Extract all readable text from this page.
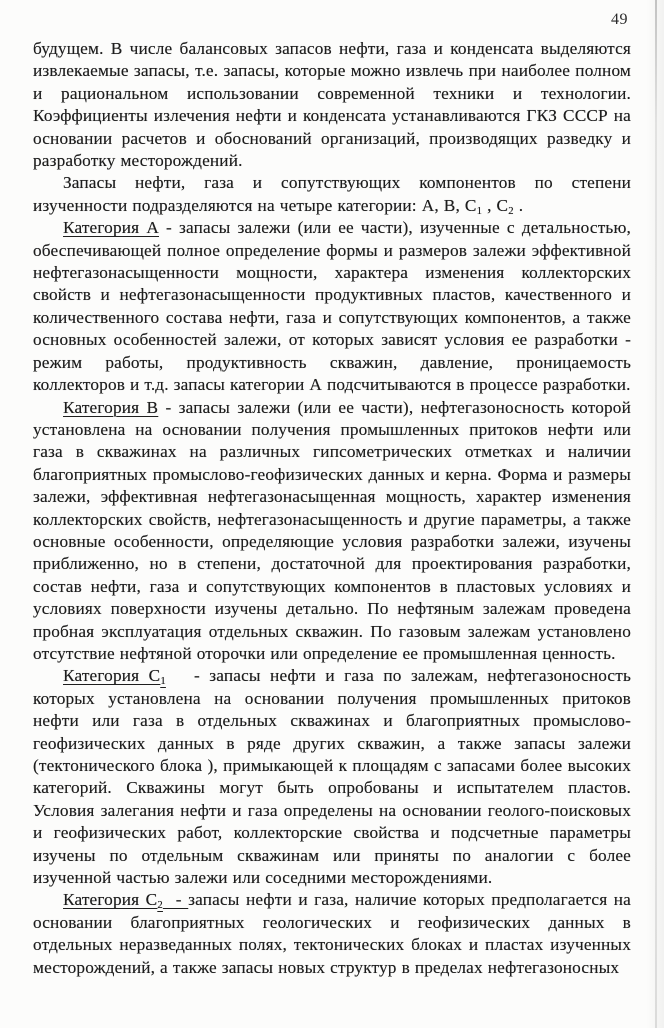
49

будущем. В числе балансовых запасов нефти, газа и конденсата выделяются извлекаемые запасы, т.е. запасы, которые можно извлечь при наиболее полном и рациональном использовании современной техники и технологии. Коэффициенты излечения нефти и конденсата устанавливаются ГКЗ СССР на основании расчетов и обоснований организаций, производящих разведку и разработку месторождений.

Запасы нефти, газа и сопутствующих компонентов по степени изученности подразделяются на четыре категории: А, В, $С_1$ , $С_2$ .

Категория А - запасы залежи (или ее части), изученные с детальностью, обеспечивающей полное определение формы и размеров залежи эффективной нефтегазонасыщенности мощности, характера изменения коллекторских свойств и нефтегазонасыщенности продуктивных пластов, качественного и количественного состава нефти, газа и сопутствующих компонентов, а также основных особенностей залежи, от которых зависят условия ее разработки - режим работы, продуктивность скважин, давление, проницаемость коллекторов и т.д. запасы категории А подсчитываются в процессе разработки.

Категория В - запасы залежи (или ее части), нефтегазоносность которой установлена на основании получения промышленных притоков нефти или газа в скважинах на различных гипсометрических отметках и наличии благоприятных промыслово-геофизических данных и керна. Форма и размеры залежи, эффективная нефтегазонасыщенная мощность, характер изменения коллекторских свойств, нефтегазонасыщенность и другие параметры, а также основные особенности, определяющие условия разработки залежи, изучены приближенно, но в степени, достаточной для проектирования разработки, состав нефти, газа и сопутствующих компонентов в пластовых условиях и условиях поверхности изучены детально. По нефтяным залежам проведена пробная эксплуатация отдельных скважин. По газовым залежам установлено отсутствие нефтяной оторочки или определение ее промышленная ценность.

Категория $С_1$   - запасы нефти и газа по залежам, нефтегазоносность которых установлена на основании получения промышленных притоков нефти или газа в отдельных скважинах и благоприятных промыслово-геофизических данных в ряде других скважин, а также запасы залежи (тектонического блока ), примыкающей к площадям с запасами более высоких категорий. Скважины могут быть опробованы и испытателем пластов. Условия залегания нефти и газа определены на основании геолого-поисковых и геофизических работ, коллекторские свойства и подсчетные параметры изучены по отдельным скважинам или приняты по аналогии с более изученной частью залежи или соседними месторождениями.

Категория $С_2$  - запасы нефти и газа, наличие которых предполагается на основании благоприятных геологических и геофизических данных в отдельных неразведанных полях, тектонических блоках и пластах изученных месторождений, а также запасы новых структур в пределах нефтегазоносных
